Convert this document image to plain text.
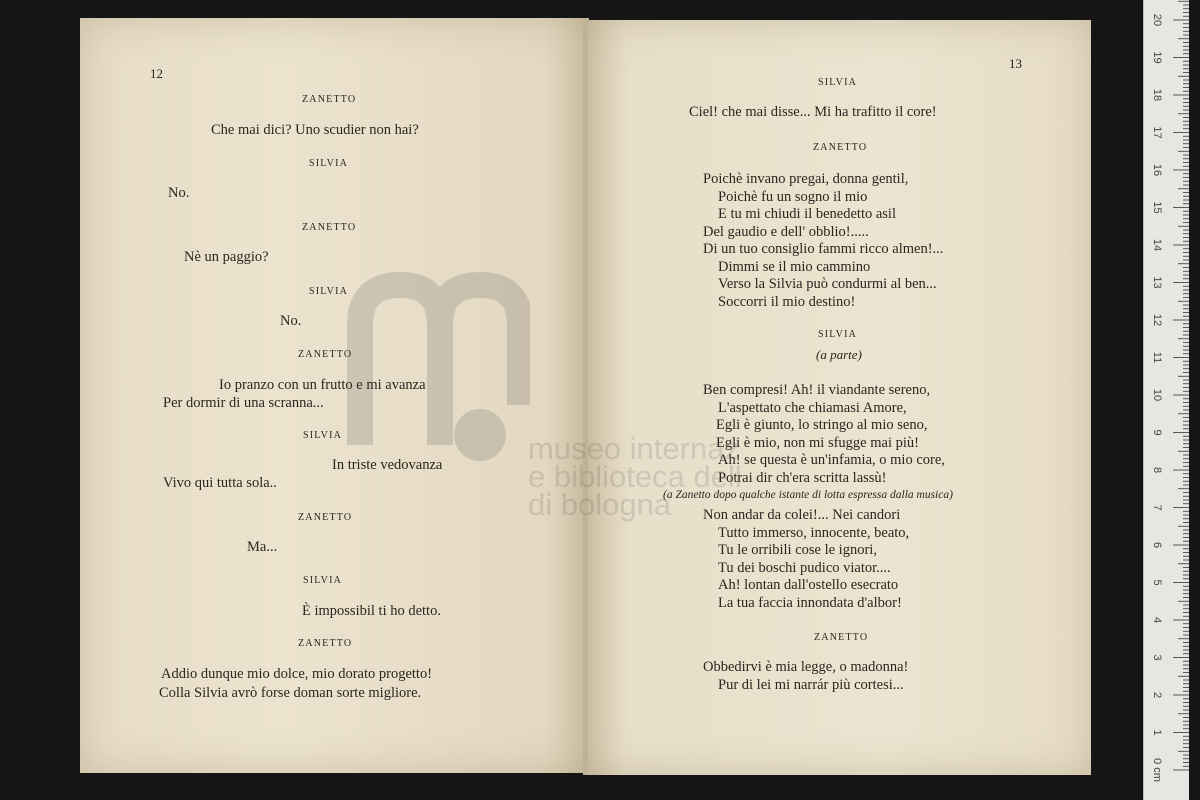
12
ZANETTO
Che mai dici? Uno scudier non hai?
SILVIA
No.
ZANETTO
Nè un paggio?
SILVIA
No.
ZANETTO
Io pranzo con un frutto e mi avanza
Per dormir di una scranna...
SILVIA
In triste vedovanza
Vivo qui tutta sola..
ZANETTO
Ma...
SILVIA
È impossibil ti ho detto.
ZANETTO
Addio dunque mio dolce, mio dorato progetto!
Colla Silvia avrò forse doman sorte migliore.
13
SILVIA
Ciel! che mai disse... Mi ha trafitto il core!
ZANETTO
Poichè invano pregai, donna gentil,
Poichè fu un sogno il mio
E tu mi chiudi il benedetto asil
Del gaudio e dell' obblio!.....
Di un tuo consiglio fammi ricco almen!...
Dimmi se il mio cammino
Verso la Silvia può condurmi al ben...
Soccorri il mio destino!
SILVIA
(a parte)
Ben compresi! Ah! il viandante sereno,
L'aspettato che chiamasi Amore,
Egli è giunto, lo stringo al mio seno,
Egli è mio, non mi sfugge mai più!
Ah! se questa è un'infamia, o mio core,
Potrai dir ch'era scritta lassù!
(a Zanetto dopo qualche istante di lotta espressa dalla musica)
Non andar da colei!... Nei candori
Tutto immerso, innocente, beato,
Tu le orribili cose le ignori,
Tu dei boschi pudico viator....
Ah! lontan dall'ostello esecrato
La tua faccia innondata d'albor!
ZANETTO
Obbedirvi è mia legge, o madonna!
Pur di lei mi narrár più cortesi...
0 cm
1
2
3
4
5
6
7
8
9
10
11
12
13
14
15
16
17
18
19
20
